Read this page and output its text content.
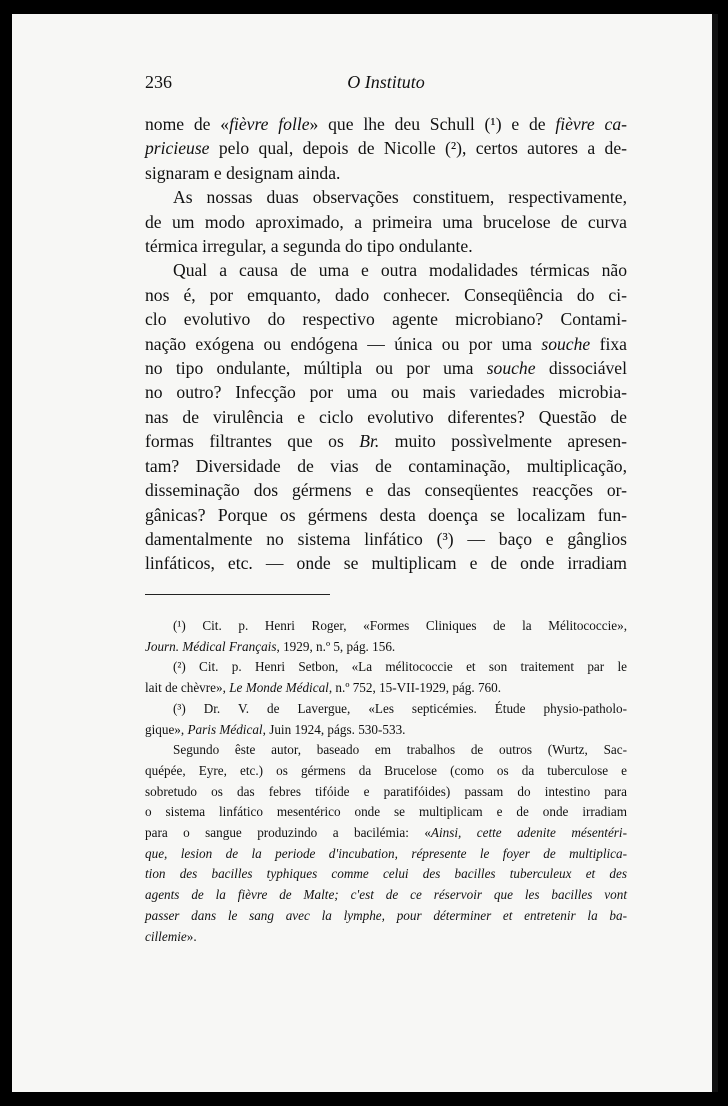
236	O Instituto
nome de «fièvre folle» que lhe deu Schull (¹) e de fièvre ca-
pricieuse pelo qual, depois de Nicolle (²), certos autores a de-
signaram e designam ainda.
As nossas duas observações constituem, respectivamente,
de um modo aproximado, a primeira uma brucelose de curva
térmica irregular, a segunda do tipo ondulante.
Qual a causa de uma e outra modalidades térmicas não
nos é, por emquanto, dado conhecer. Conseqüência do ci-
clo evolutivo do respectivo agente microbiano? Contami-
nação exógena ou endógena — única ou por uma souche fixa
no tipo ondulante, múltipla ou por uma souche dissociável
no outro? Infecção por uma ou mais variedades microbia-
nas de virulência e ciclo evolutivo diferentes? Questão de
formas filtrantes que os Br. muito possìvelmente apresen-
tam? Diversidade de vias de contaminação, multiplicação,
disseminação dos gérmens e das conseqüentes reacções or-
gânicas? Porque os gérmens desta doença se localizam fun-
damentalmente no sistema linfático (³) — baço e gânglios
linfáticos, etc. — onde se multiplicam e de onde irradiam
(¹) Cit. p. Henri Roger, «Formes Cliniques de la Mélitococcie»,
Journ. Médical Français, 1929, n.º 5, pág. 156.
(²) Cit. p. Henri Setbon, «La mélitococcie et son traitement par le
lait de chèvre», Le Monde Médical, n.º 752, 15-VII-1929, pág. 760.
(³) Dr. V. de Lavergue, «Les septicémies. Étude physio-patholo-
gique», Paris Médical, Juin 1924, págs. 530-533.
Segundo êste autor, baseado em trabalhos de outros (Wurtz, Sac-
quépée, Eyre, etc.) os gérmens da Brucelose (como os da tuberculose e
sobretudo os das febres tifóide e paratifóides) passam do intestino para
o sistema linfático mesentérico onde se multiplicam e de onde irradiam
para o sangue produzindo a bacilémia: «Ainsi, cette adenite mésentéri-
que, lesion de la periode d'incubation, répresente le foyer de multiplica-
tion des bacilles typhiques comme celui des bacilles tuberculeux et des
agents de la fièvre de Malte; c'est de ce réservoir que les bacilles vont
passer dans le sang avec la lymphe, pour déterminer et entretenir la ba-
cillemie».
